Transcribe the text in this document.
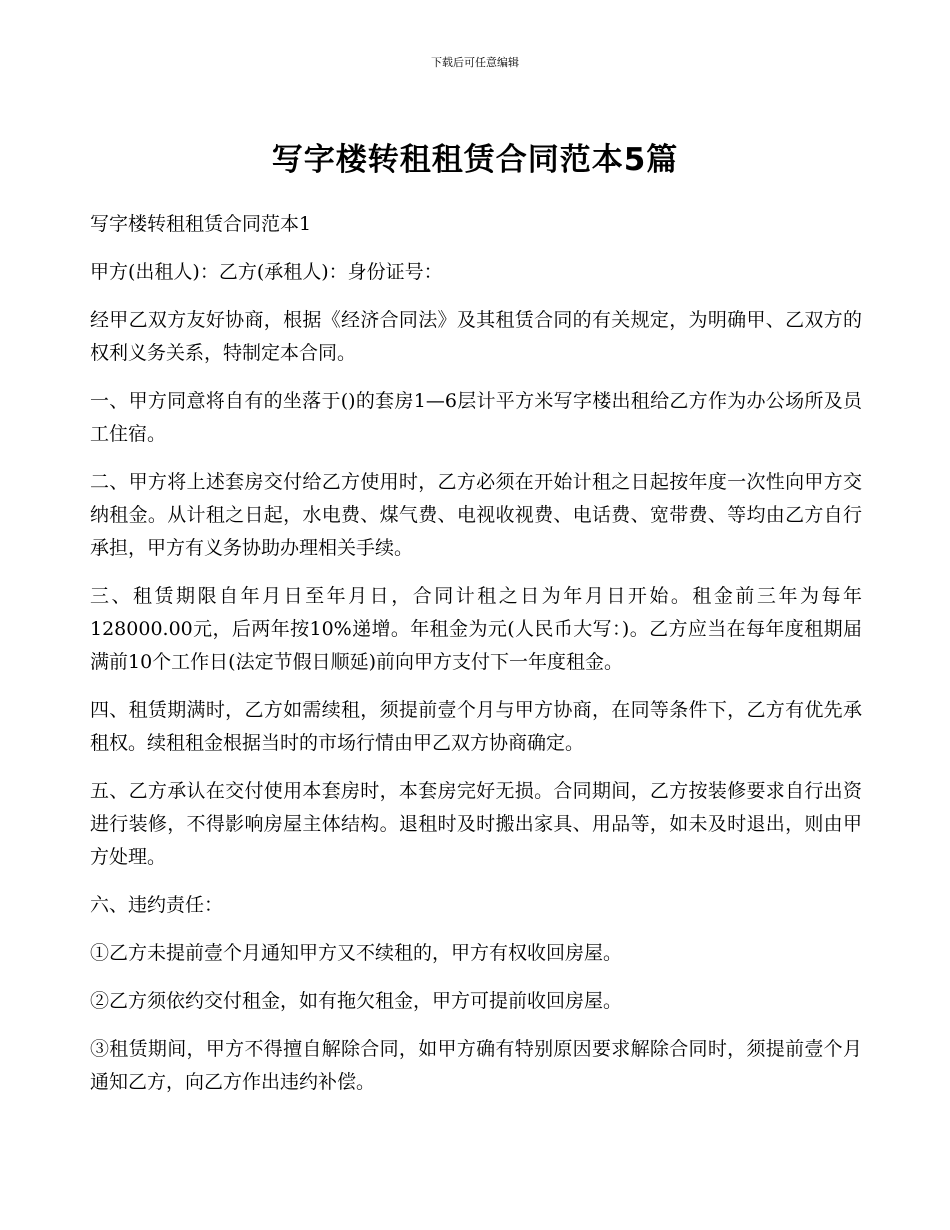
下载后可任意编辑
写字楼转租租赁合同范本5篇

写字楼转租租赁合同范本1

甲方(出租人)：乙方(承租人)：身份证号：

经甲乙双方友好协商，根据《经济合同法》及其租赁合同的有关规定，为明确甲、乙双方的权利义务关系，特制定本合同。

一、甲方同意将自有的坐落于()的套房1—6层计平方米写字楼出租给乙方作为办公场所及员工住宿。

二、甲方将上述套房交付给乙方使用时，乙方必须在开始计租之日起按年度一次性向甲方交纳租金。从计租之日起，水电费、煤气费、电视收视费、电话费、宽带费、等均由乙方自行承担，甲方有义务协助办理相关手续。

三、租赁期限自年月日至年月日，合同计租之日为年月日开始。租金前三年为每年128000.00元，后两年按10%递增。年租金为元(人民币大写：)。乙方应当在每年度租期届满前10个工作日(法定节假日顺延)前向甲方支付下一年度租金。

四、租赁期满时，乙方如需续租，须提前壹个月与甲方协商，在同等条件下，乙方有优先承租权。续租租金根据当时的市场行情由甲乙双方协商确定。

五、乙方承认在交付使用本套房时，本套房完好无损。合同期间，乙方按装修要求自行出资进行装修，不得影响房屋主体结构。退租时及时搬出家具、用品等，如未及时退出，则由甲方处理。

六、违约责任：

①乙方未提前壹个月通知甲方又不续租的，甲方有权收回房屋。

②乙方须依约交付租金，如有拖欠租金，甲方可提前收回房屋。

③租赁期间，甲方不得擅自解除合同，如甲方确有特别原因要求解除合同时，须提前壹个月通知乙方，向乙方作出违约补偿。
